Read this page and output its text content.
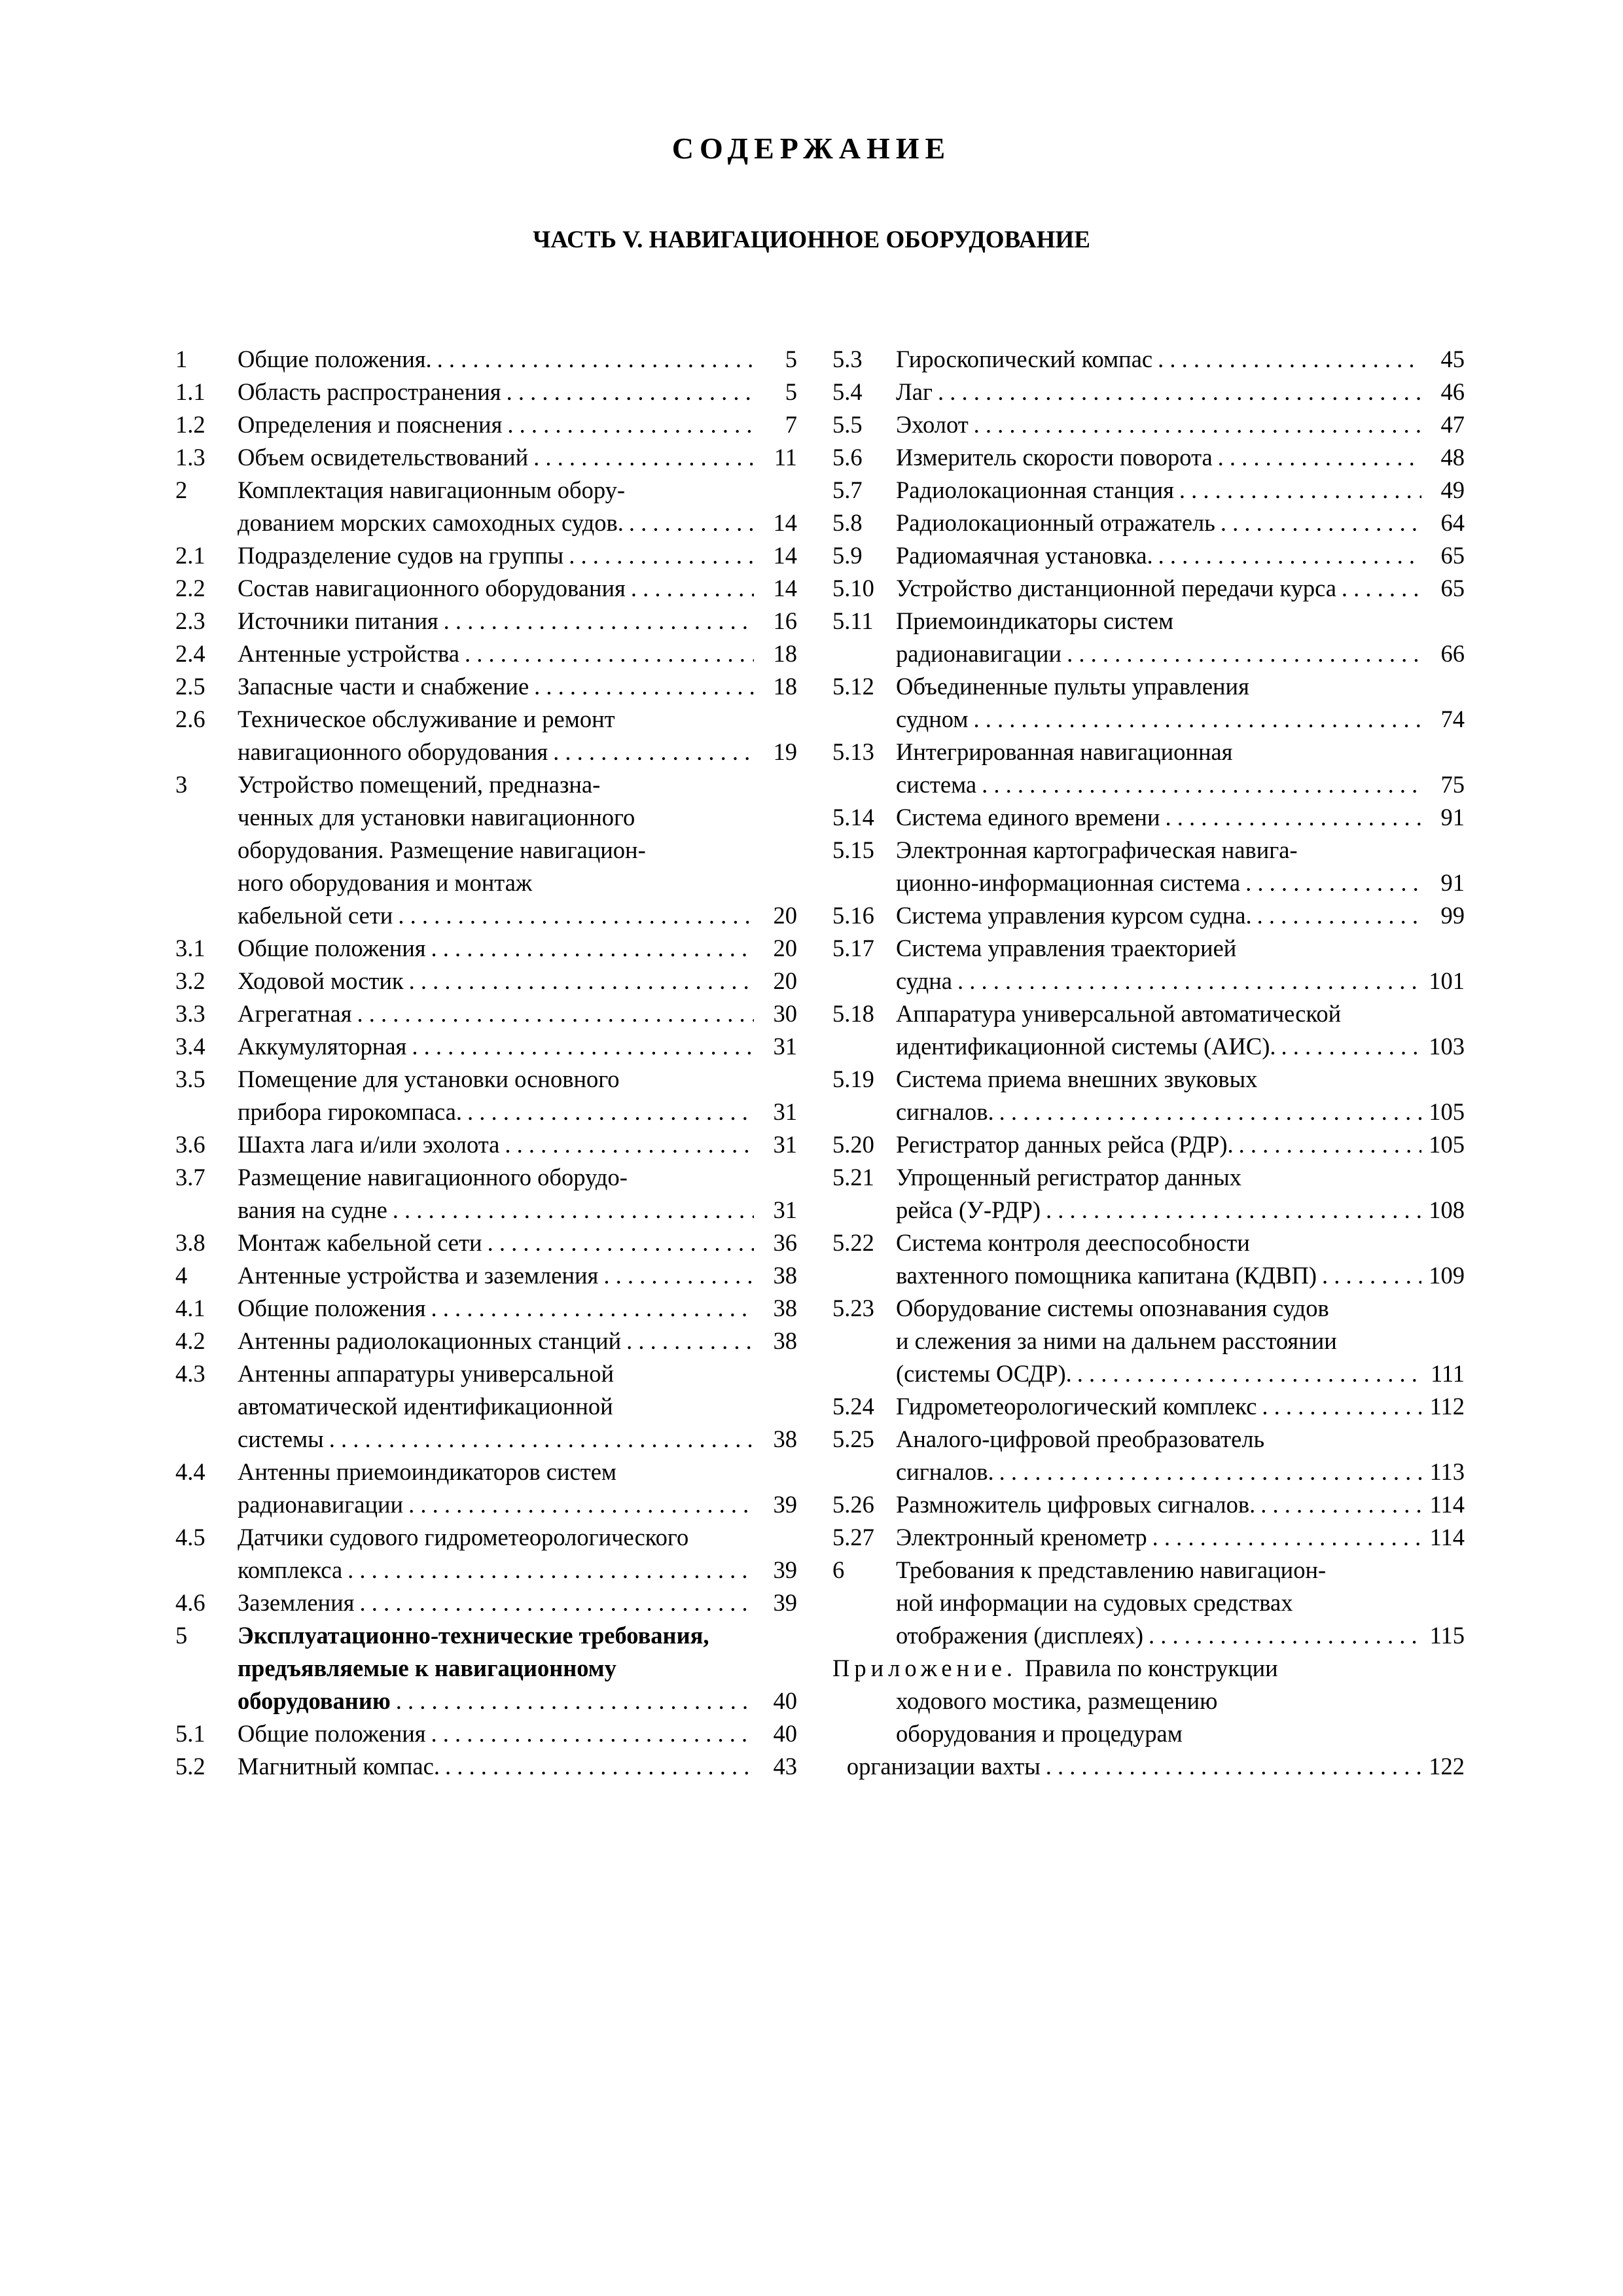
СОДЕРЖАНИЕ
ЧАСТЬ V. НАВИГАЦИОННОЕ ОБОРУДОВАНИЕ
1	Общие положения. . . .	5
1.1	Область распространения . . .	5
1.2	Определения и пояснения . . .	7
1.3	Объем освидетельствований . . .	11
2	Комплектация навигационным обору-
дованием морских самоходных судов. . . .	14
2.1	Подразделение судов на группы . . .	14
2.2	Состав навигационного оборудования . . .	14
2.3	Источники питания . . .	16
2.4	Антенные устройства . . .	18
2.5	Запасные части и снабжение . . .	18
2.6	Техническое обслуживание и ремонт
навигационного оборудования . . .	19
3	Устройство помещений, предназна-
ченных для установки навигационного
оборудования. Размещение навигацион-
ного оборудования и монтаж
кабельной сети . . .	20
3.1	Общие положения . . .	20
3.2	Ходовой мостик . . .	20
3.3	Агрегатная . . .	30
3.4	Аккумуляторная . . .	31
3.5	Помещение для установки основного
прибора гирокомпаса. . . .	31
3.6	Шахта лага и/или эхолота . . .	31
3.7	Размещение навигационного оборудо-
вания на судне . . .	31
3.8	Монтаж кабельной сети . . .	36
4	Антенные устройства и заземления . . .	38
4.1	Общие положения . . .	38
4.2	Антенны радиолокационных станций . . .	38
4.3	Антенны аппаратуры универсальной
автоматической идентификационной
системы . . .	38
4.4	Антенны приемоиндикаторов систем
радионавигации . . .	39
4.5	Датчики судового гидрометеорологического
комплекса . . .	39
4.6	Заземления . . .	39
5	Эксплуатационно-технические требования,
предъявляемые к навигационному
оборудованию . . .	40
5.1	Общие положения . . .	40
5.2	Магнитный компас. . . .	43
5.3	Гироскопический компас . . .	45
5.4	Лаг . . .	46
5.5	Эхолот . . .	47
5.6	Измеритель скорости поворота . . .	48
5.7	Радиолокационная станция . . .	49
5.8	Радиолокационный отражатель . . .	64
5.9	Радиомаячная установка. . . .	65
5.10 Устройство дистанционной передачи курса . . .	65
5.11 Приемоиндикаторы систем
радионавигации . . .	66
5.12 Объединенные пульты управления
судном . . .	74
5.13 Интегрированная навигационная
система . . .	75
5.14 Система единого времени . . .	91
5.15 Электронная картографическая навига-
ционно-информационная система . . .	91
5.16 Система управления курсом судна. . . .	99
5.17 Система управления траекторией
судна . . .	101
5.18 Аппаратура универсальной автоматической
идентификационной системы (АИС). . . .	103
5.19 Система приема внешних звуковых
сигналов. . . .	105
5.20 Регистратор данных рейса (РДР). . . .	105
5.21 Упрощенный регистратор данных
рейса (У-РДР) . . .	108
5.22 Система контроля дееспособности
вахтенного помощника капитана (КДВП) . . .	109
5.23 Оборудование системы опознавания судов
и слежения за ними на дальнем расстоянии
(системы ОСДР). . . .	111
5.24 Гидрометеорологический комплекс . . .	112
5.25 Аналого-цифровой преобразователь
сигналов. . . .	113
5.26 Размножитель цифровых сигналов. . . .	114
5.27 Электронный кренометр . . .	114
6	Требования к представлению навигацион-
ной информации на судовых средствах
отображения (дисплеях) . . .	115
Приложение. Правила по конструкции
ходового мостика, размещению
оборудования и процедурам
организации вахты . . .	122
